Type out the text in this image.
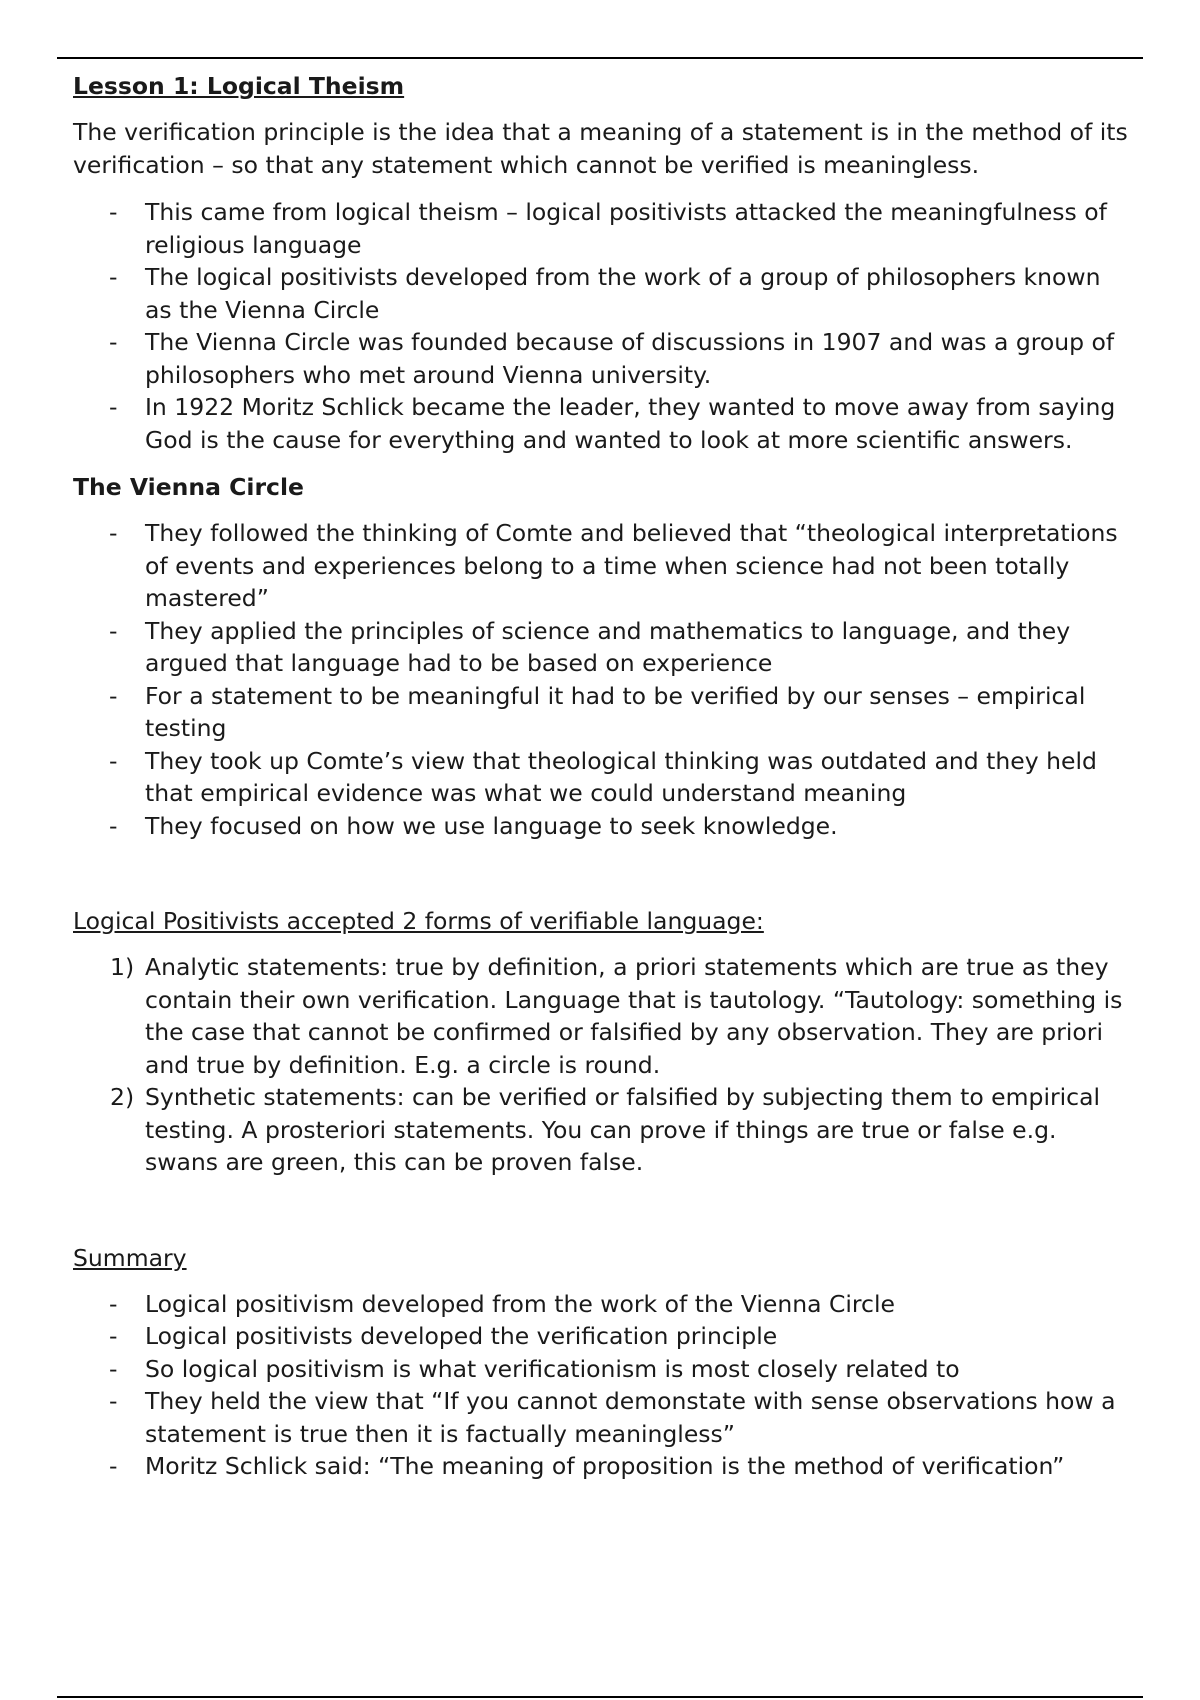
Lesson 1: Logical Theism

The verification principle is the idea that a meaning of a statement is in the method of its verification – so that any statement which cannot be verified is meaningless.

- This came from logical theism – logical positivists attacked the meaningfulness of religious language
- The logical positivists developed from the work of a group of philosophers known as the Vienna Circle
- The Vienna Circle was founded because of discussions in 1907 and was a group of philosophers who met around Vienna university.
- In 1922 Moritz Schlick became the leader, they wanted to move away from saying God is the cause for everything and wanted to look at more scientific answers.
The Vienna Circle
- They followed the thinking of Comte and believed that “theological interpretations of events and experiences belong to a time when science had not been totally mastered”
- They applied the principles of science and mathematics to language, and they argued that language had to be based on experience
- For a statement to be meaningful it had to be verified by our senses – empirical testing
- They took up Comte’s view that theological thinking was outdated and they held that empirical evidence was what we could understand meaning
- They focused on how we use language to seek knowledge.
Logical Positivists accepted 2 forms of verifiable language:
1) Analytic statements: true by definition, a priori statements which are true as they contain their own verification. Language that is tautology. “Tautology: something is the case that cannot be confirmed or falsified by any observation. They are priori and true by definition. E.g. a circle is round.
2) Synthetic statements: can be verified or falsified by subjecting them to empirical testing. A prosteriori statements. You can prove if things are true or false e.g. swans are green, this can be proven false.
Summary
- Logical positivism developed from the work of the Vienna Circle
- Logical positivists developed the verification principle
- So logical positivism is what verificationism is most closely related to
- They held the view that “If you cannot demonstate with sense observations how a statement is true then it is factually meaningless”
- Moritz Schlick said: “The meaning of proposition is the method of verification”
